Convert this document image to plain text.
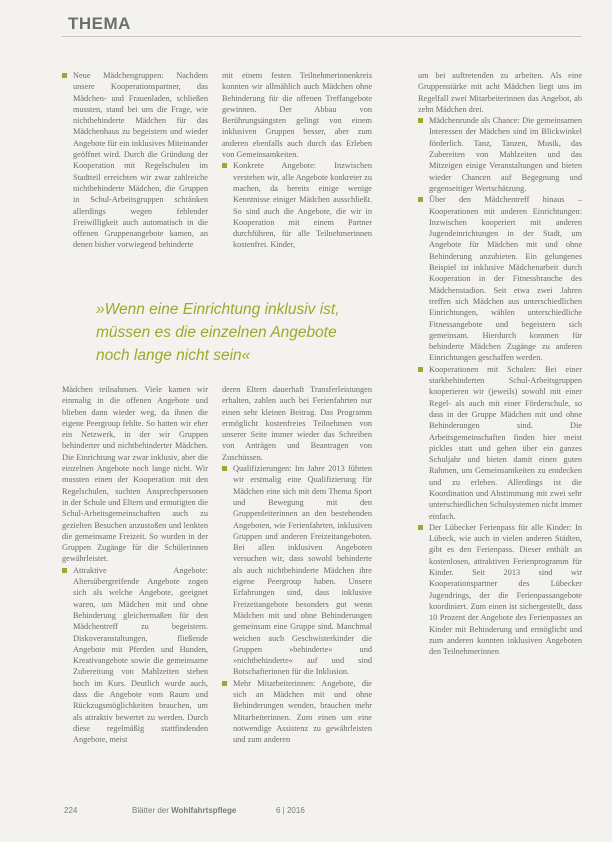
THEMA

Neue Mädchengruppen: Nachdem unsere Kooperationspartner, das Mädchen- und Frauenladen, schließen mussten, stand bei uns die Frage, wie nichtbehinderte Mädchen für das Mädchenhaus zu begeistern und wieder Angebote für ein inklusives Miteinander geöffnet wird. Durch die Gründung der Kooperation mit Regelschulen im Stadtteil erreichten wir zwar zahlreiche nichtbehinderte Mädchen, die Gruppen in Schul-Arbeitsgruppen schränken allerdings wegen fehlender Freiwilligkeit auch automatisch in die offenen Gruppenangebote kamen, an denen bisher vorwiegend behinderte

mit einem festen Teilnehmerinnenkreis konnten wir allmählich auch Mädchen ohne Behinderung für die offenen Treffangebote gewinnen. Der Abbau von Berührungsängsten gelingt von einem inklusiven Gruppen besser, aber zum anderen ebenfalls auch durch das Erleben von Gemeinsamkeiten.

Konkrete Angebote: Inzwischen verstehen wir, alle Angebote konkreter zu machen, da bereits einige wenige Kenntnisse einiger Mädchen ausschließt. So sind auch die Angebote, die wir in Kooperation mit einem Partner durchführen, für alle Teilnehmerinnen kostenfrei. Kinder,

»Wenn eine Einrichtung inklusiv ist,
müssen es die einzelnen Angebote
noch lange nicht sein«

Mädchen teilnahmen. Viele kamen wir einmalig in die offenen Angebote und blieben dann wieder weg, da ihnen die eigene Peergroup fehlte. So hatten wir eher ein Netzwerk, in der wir Gruppen behinderter und nichtbehinderter Mädchen. Die Einrichtung war zwar inklusiv, aber die einzelnen Angebote noch lange nicht. Wir mussten einen der Kooperation mit den Regelschulen, suchten Ansprechpersonen in der Schule und Eltern und ermutigten die Schul-Arbeitsgemeinschaften auch zu gezielten Besuchen anzustoßen und lenkten die gemeinsame Freizeit. So wurden in der Gruppen Zugänge für die Schülerinnen gewährleistet.

Attraktive Angebote: Altersübergreifende Angebote zogen sich als welche Angebote, geeignet waren, um Mädchen mit und ohne Behinderung gleichermaßen für den Mädchentreff zu begeistern. Diskoveranstaltungen, fließende Angebote mit Pferden und Hunden, Kreativangebote sowie die gemeinsame Zubereitung von Mahlzeiten stehen hoch im Kurs. Deutlich wurde auch, dass die Angebote vom Raum und Rückzugsmöglichkeiten brauchen, um als attraktiv bewertet zu werden. Durch diese regelmäßig stattfindenden Angebote, meist

deren Eltern dauerhaft Transferleistungen erhalten, zahlen auch bei Ferienfahrten nur einen sehr kleinen Beitrag. Das Programm ermöglicht kostenfreies Teilnehmen von unserer Seite immer wieder das Schreiben von Anträgen und Beantragen von Zuschüssen.

Qualifizierungen: Im Jahre 2013 führten wir erstmalig eine Qualifizierung für Mädchen eine sich mit dem Thema Sport und Bewegung mit den Gruppenleiterinnen an den bestehenden Angeboten, wie Ferienfahrten, inklusiven Gruppen und anderen Freizeitangeboten. Bei allen inklusiven Angeboten versuchen wir, dass sowohl behinderte als auch nichtbehinderte Mädchen ihre eigene Peergroup haben. Unsere Erfahrungen sind, dass inklusive Freizeitangebote besonders gut wenn Mädchen mit und ohne Behinderungen gemeinsam eine Gruppe sind. Manchmal weichen auch Geschwisterkinder die Gruppen »behinderte« und »nichtbehinderte« auf und sind Botschafterinnen für die Inklusion.

Mehr Mitarbeiterinnen: Angebote, die sich an Mädchen mit und ohne Behinderungen wenden, brauchen mehr Mitarbeiterinnen. Zum einen um eine notwendige Assistenz zu gewährleisten und zum anderen

um bei auftretenden zu arbeiten. Als eine Gruppenstärke mit acht Mädchen liegt uns im Regelfall zwei Mitarbeiterinnen das Angebot, ab zehn Mädchen drei.

Mädchenrunde als Chance: Die gemeinsamen Interessen der Mädchen sind im Blickwinkel förderlich. Tanz, Tanzen, Musik, das Zubereiten von Mahlzeiten und das Mitzeigen einige Veranstaltungen und bieten wieder Chancen auf Begegnung und gegenseitiger Wertschätzung.

Über den Mädchentreff hinaus – Kooperationen mit anderen Einrichtungen: Inzwischen kooperiert mit anderen Jugendeinrichtungen in der Stadt, um Angebote für Mädchen mit und ohne Behinderung anzubieten. Ein gelungenes Beispiel ist inklusive Mädchenarbeit durch Kooperation in der Fitnessbranche des Mädchenstadion. Seit etwa zwei Jahren treffen sich Mädchen aus unterschiedlichen Einrichtungen, wählen unterschiedliche Fitnessangebote und begeistern sich gemeinsam. Hierdurch kommen für behinderte Mädchen Zugänge zu anderen Einrichtungen geschaffen werden.

Kooperationen mit Schulen: Bei einer starkbehinderten Schul-Arbeitsgruppen kooperieren wir (jeweils) sowohl mit einer Regel- als auch mit einer Förderschule, so dass in der Gruppe Mädchen mit und ohne Behinderungen sind. Die Arbeitsgemeinschaften finden hier meist pickles statt und gehen über ein ganzes Schuljahr und bieten damit einen guten Rahmen, um Gemeinsamkeiten zu entdecken und zu erleben. Allerdings ist die Koordination und Abstimmung mit zwei sehr unterschiedlichen Schulsystemen nicht immer einfach.

Der Lübecker Ferienpass für alle Kinder: In Lübeck, wie auch in vielen anderen Städten, gibt es den Ferienpass. Dieser enthält an kostenlosen, attraktiven Ferienprogramm für Kinder. Seit 2013 sind wir Kooperationspartner des Lübecker Jugendrings, der die Ferienpassangebote koordiniert. Zum einen ist sichergestellt, dass 10 Prozent der Angebote des Ferienpasses an Kinder mit Behinderung und ermöglicht und zum anderen konnten inklusiven Angeboten den Teilnehmerinnen

224	Blätter der Wohlfahrtspflege	6 | 2016
